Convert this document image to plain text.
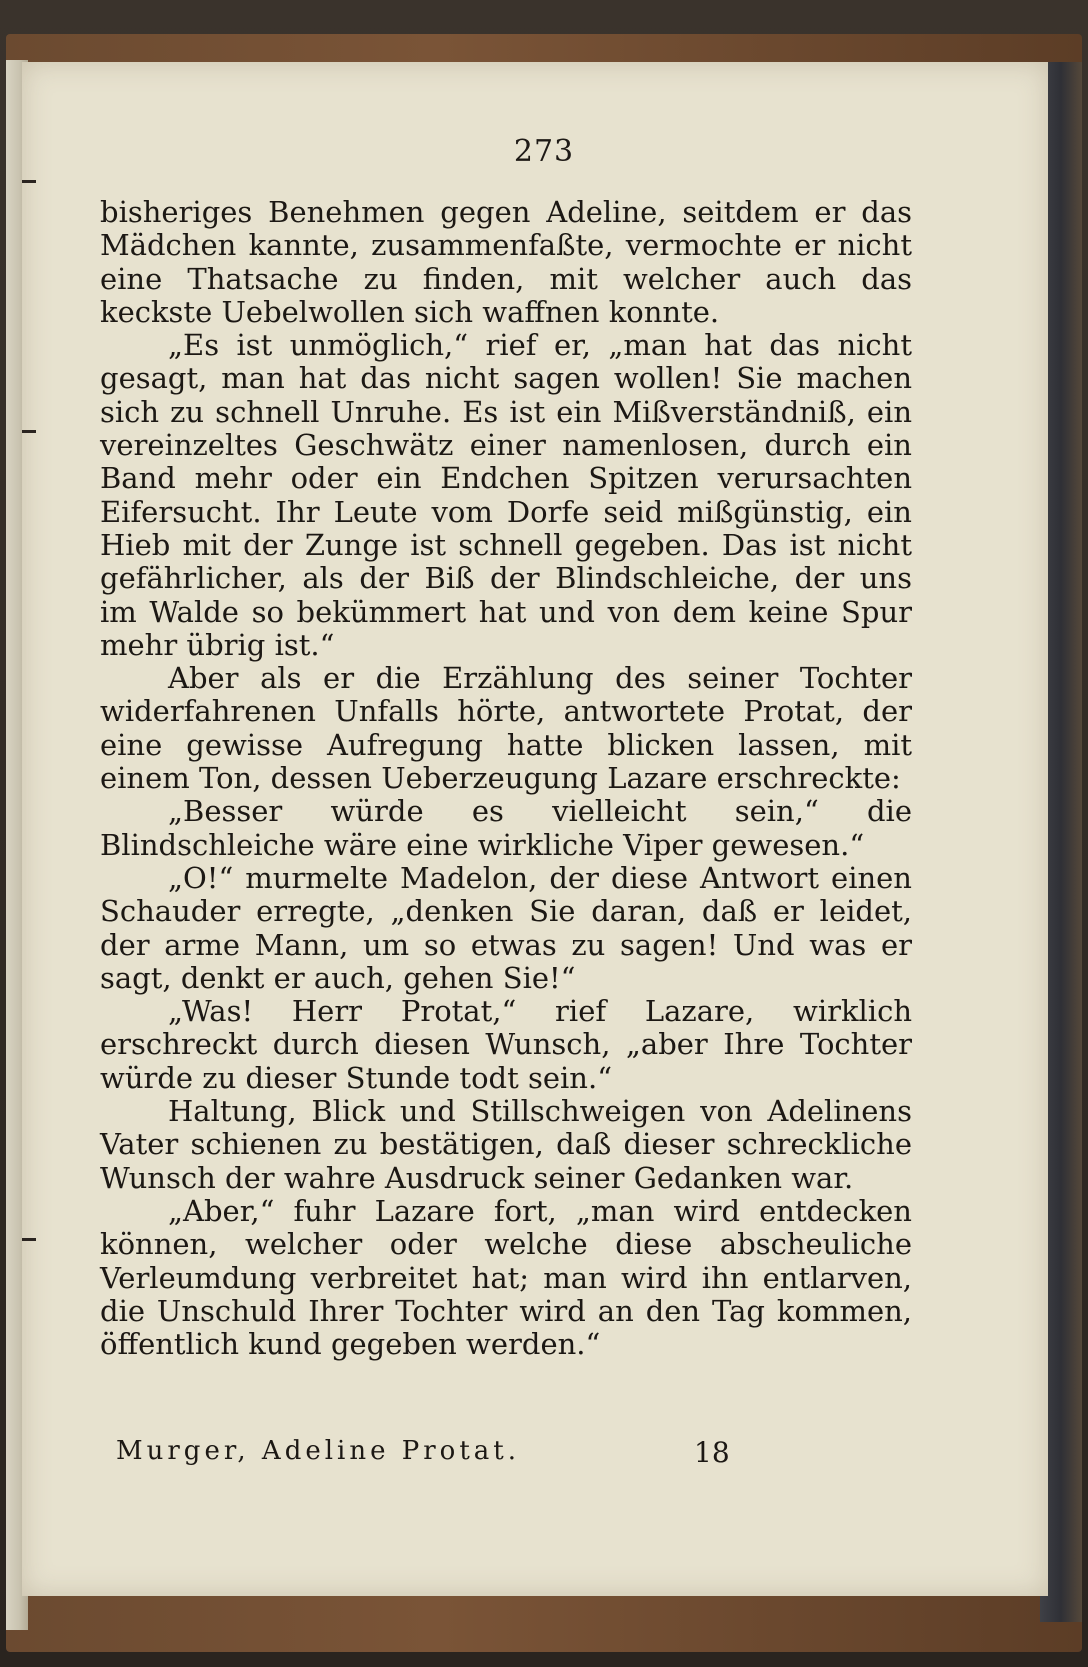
273

bisheriges Benehmen gegen Adeline, seitdem er das Mädchen kannte, zusammenfaßte, vermochte er nicht eine Thatsache zu finden, mit welcher auch das keckste Uebelwollen sich waffnen konnte.

„Es ist unmöglich,“ rief er, „man hat das nicht gesagt, man hat das nicht sagen wollen! Sie machen sich zu schnell Unruhe. Es ist ein Mißverständniß, ein vereinzeltes Geschwätz einer namenlosen, durch ein Band mehr oder ein Endchen Spitzen verursachten Eifersucht. Ihr Leute vom Dorfe seid mißgünstig, ein Hieb mit der Zunge ist schnell gegeben. Das ist nicht gefährlicher, als der Biß der Blindschleiche, der uns im Walde so bekümmert hat und von dem keine Spur mehr übrig ist.“

Aber als er die Erzählung des seiner Tochter widerfahrenen Unfalls hörte, antwortete Protat, der eine gewisse Aufregung hatte blicken lassen, mit einem Ton, dessen Ueberzeugung Lazare erschreckte:

„Besser würde es vielleicht sein,“ die Blindschleiche wäre eine wirkliche Viper gewesen.“

„O!“ murmelte Madelon, der diese Antwort einen Schauder erregte, „denken Sie daran, daß er leidet, der arme Mann, um so etwas zu sagen! Und was er sagt, denkt er auch, gehen Sie!“

„Was! Herr Protat,“ rief Lazare, wirklich erschreckt durch diesen Wunsch, „aber Ihre Tochter würde zu dieser Stunde todt sein.“

Haltung, Blick und Stillschweigen von Adelinens Vater schienen zu bestätigen, daß dieser schreckliche Wunsch der wahre Ausdruck seiner Gedanken war.

„Aber,“ fuhr Lazare fort, „man wird entdecken können, welcher oder welche diese abscheuliche Verleumdung verbreitet hat; man wird ihn entlarven, die Unschuld Ihrer Tochter wird an den Tag kommen, öffentlich kund gegeben werden.“

Murger, Adeline Protat.	18
